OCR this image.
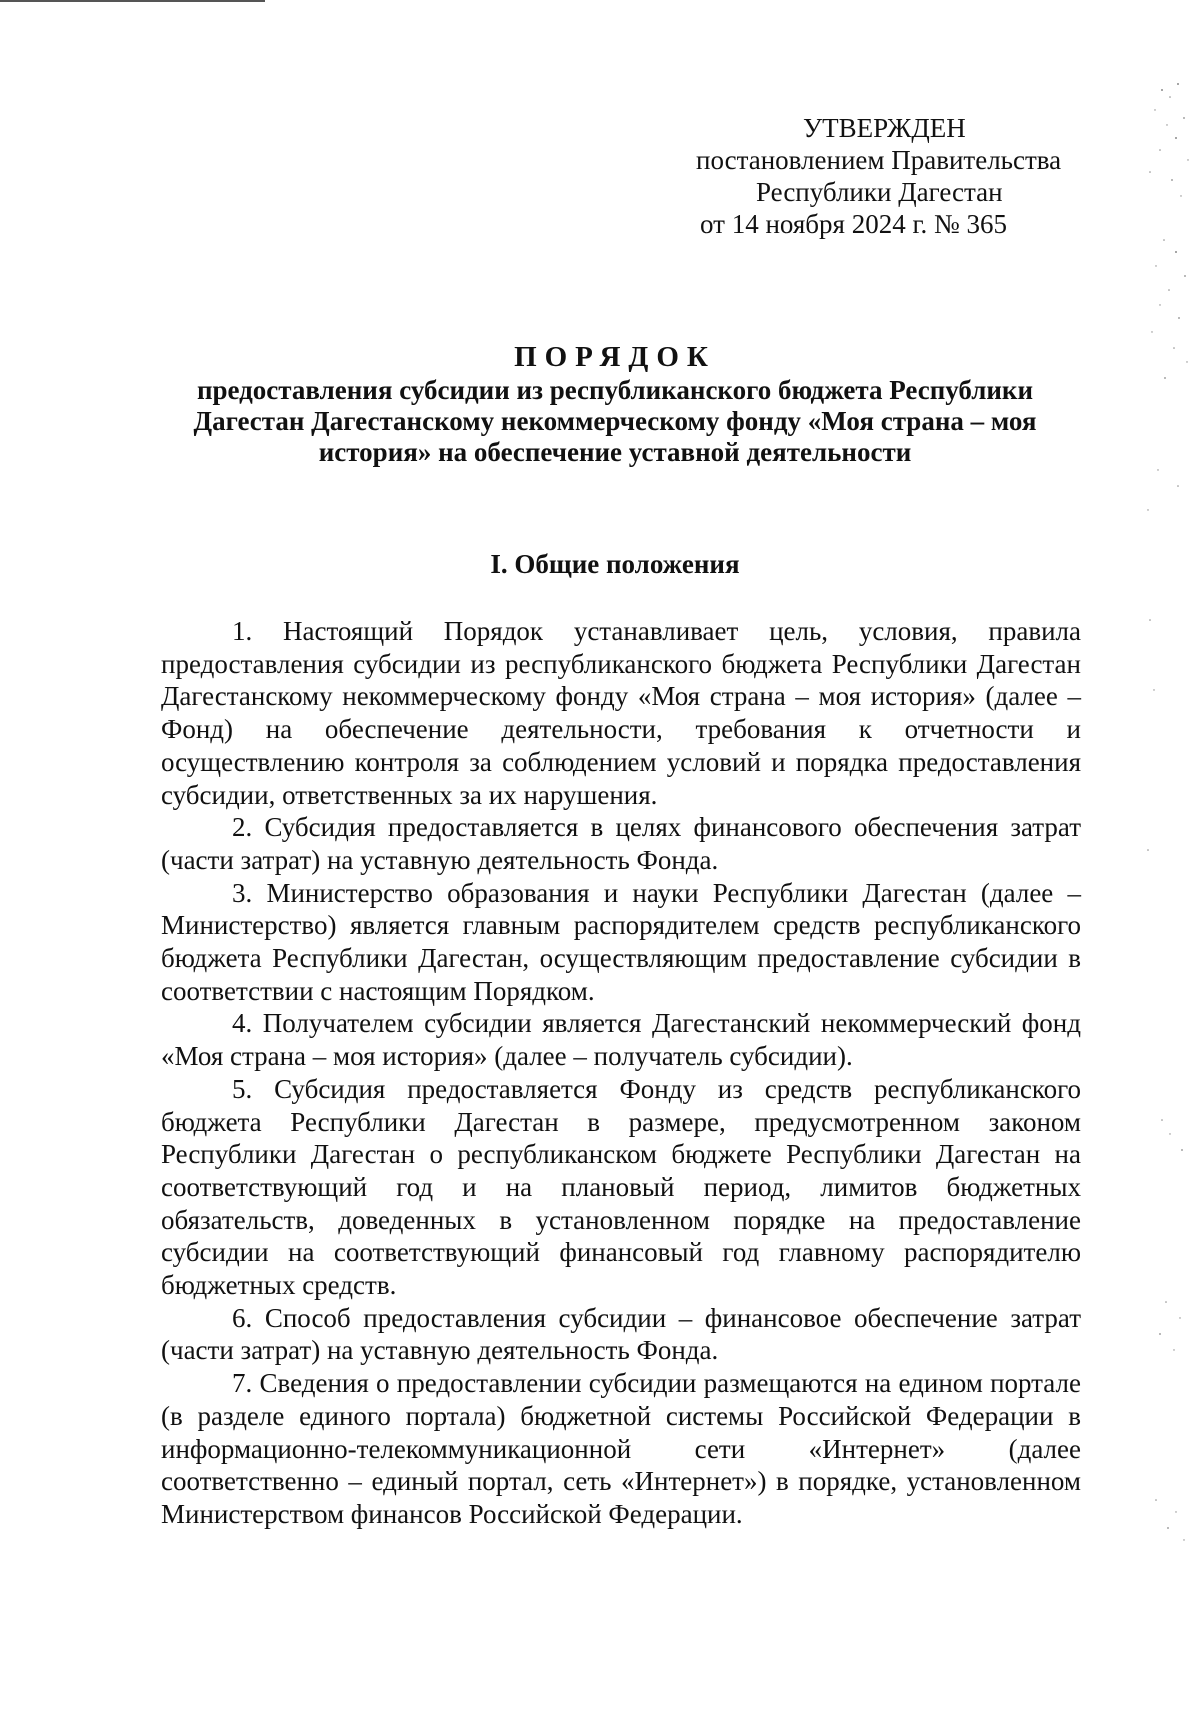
УТВЕРЖДЕН
постановлением Правительства
Республики Дагестан
от 14 ноября 2024 г. № 365
ПОРЯДОК
предоставления субсидии из республиканского бюджета Республики Дагестан Дагестанскому некоммерческому фонду «Моя страна – моя история» на обеспечение уставной деятельности
I. Общие положения

1. Настоящий Порядок устанавливает цель, условия, правила предоставления субсидии из республиканского бюджета Республики Дагестан Дагестанскому некоммерческому фонду «Моя страна – моя история» (далее – Фонд) на обеспечение деятельности, требования к отчетности и осуществлению контроля за соблюдением условий и порядка предоставления субсидии, ответственных за их нарушения.

2. Субсидия предоставляется в целях финансового обеспечения затрат (части затрат) на уставную деятельность Фонда.

3. Министерство образования и науки Республики Дагестан (далее – Министерство) является главным распорядителем средств республиканского бюджета Республики Дагестан, осуществляющим предоставление субсидии в соответствии с настоящим Порядком.

4. Получателем субсидии является Дагестанский некоммерческий фонд «Моя страна – моя история» (далее – получатель субсидии).

5. Субсидия предоставляется Фонду из средств республиканского бюджета Республики Дагестан в размере, предусмотренном законом Республики Дагестан о республиканском бюджете Республики Дагестан на соответствующий год и на плановый период, лимитов бюджетных обязательств, доведенных в установленном порядке на предоставление субсидии на соответствующий финансовый год главному распорядителю бюджетных средств.

6. Способ предоставления субсидии – финансовое обеспечение затрат (части затрат) на уставную деятельность Фонда.

7. Сведения о предоставлении субсидии размещаются на едином портале (в разделе единого портала) бюджетной системы Российской Федерации в информационно-телекоммуникационной сети «Интернет» (далее соответственно – единый портал, сеть «Интернет») в порядке, установленном Министерством финансов Российской Федерации.
